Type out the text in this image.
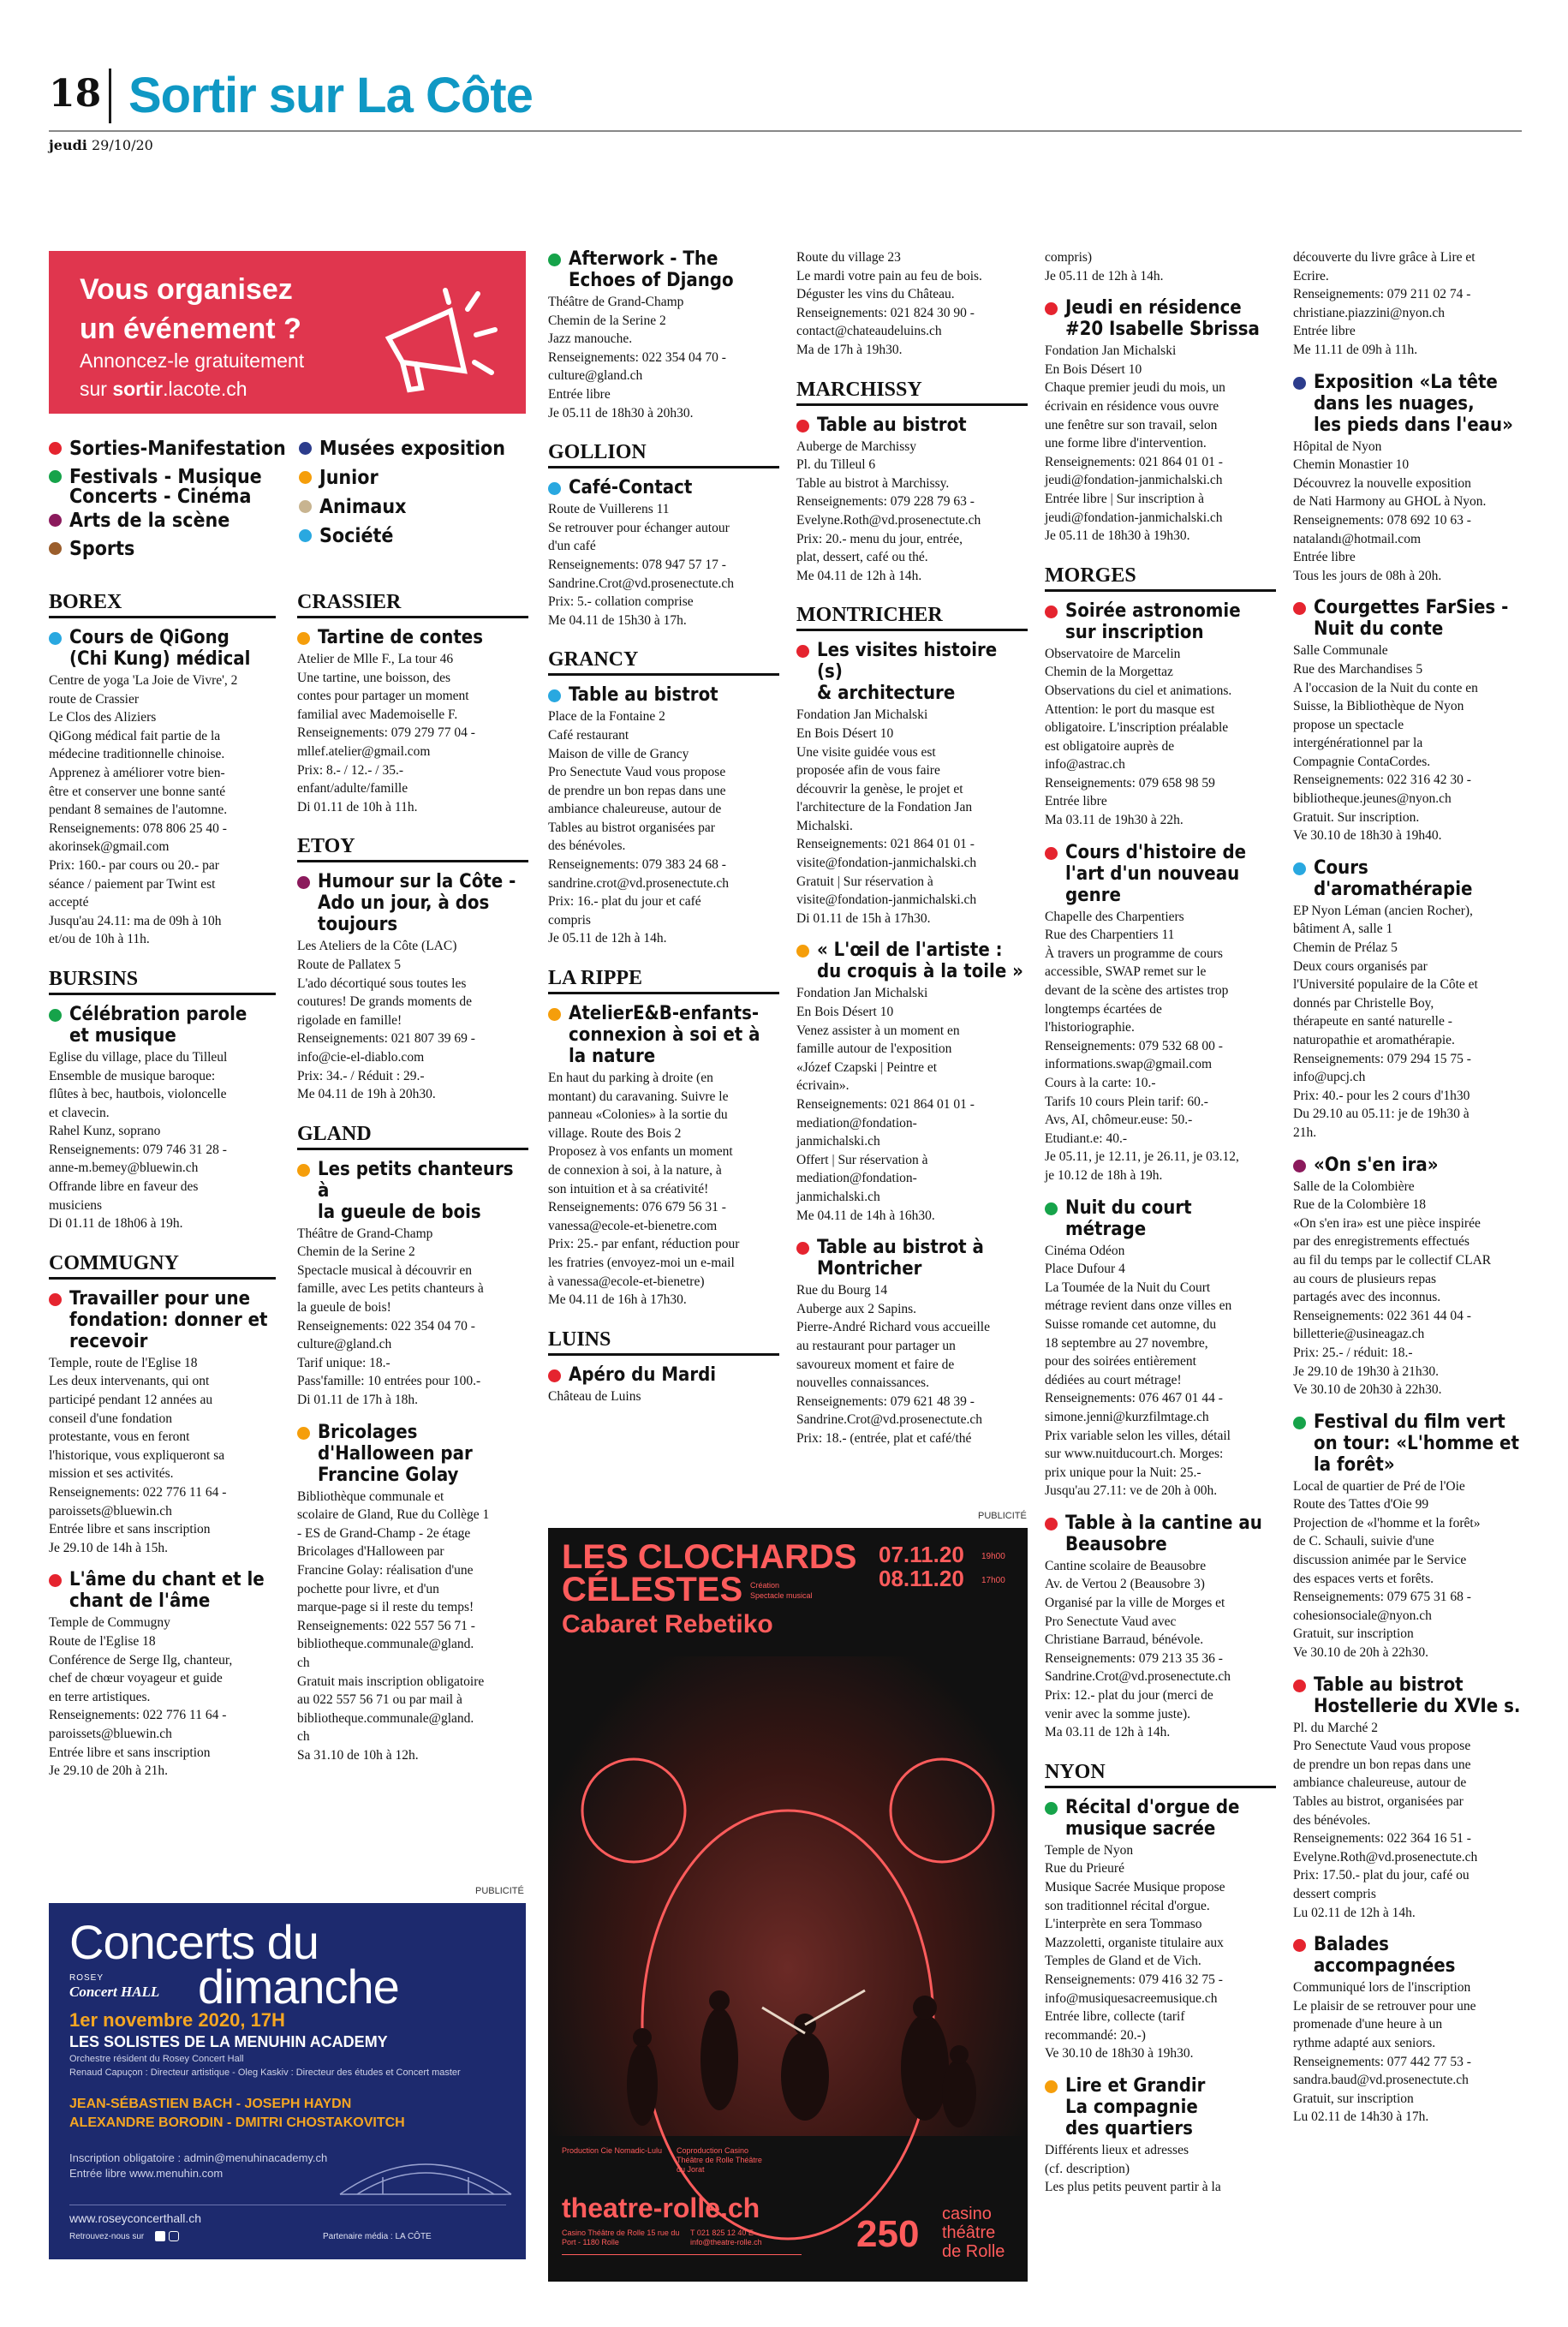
18 Sortir sur La Côte
jeudi 29/10/20
Vous organisez
un événement ?
Annoncez-le gratuitement
sur sortir.lacote.ch
Sorties-Manifestation
Festivals - Musique
Concerts - Cinéma
Arts de la scène
Sports
Musées exposition
Junior
Animaux
Société
BOREX
Cours de QiGong
(Chi Kung) médical
Centre de yoga 'La Joie de Vivre', 2
route de Crassier
Le Clos des Aliziers
QiGong médical fait partie de la
médecine traditionnelle chinoise.
Apprenez à améliorer votre bien-
être et conserver une bonne santé
pendant 8 semaines de l'automne.
Renseignements: 078 806 25 40 -
akorinsek@gmail.com
Prix: 160.- par cours ou 20.- par
séance / paiement par Twint est
accepté
Jusqu'au 24.11: ma de 09h à 10h
et/ou de 10h à 11h.
BURSINS
Célébration parole
et musique
Eglise du village, place du Tilleul
Ensemble de musique baroque:
flûtes à bec, hautbois, violoncelle
et clavecin.
Rahel Kunz, soprano
Renseignements: 079 746 31 28 -
anne-m.bemey@bluewin.ch
Offrande libre en faveur des
musiciens
Di 01.11 de 18h06 à 19h.
COMMUGNY
Travailler pour une
fondation: donner et
recevoir
Temple, route de l'Eglise 18
Les deux intervenants, qui ont
participé pendant 12 années au
conseil d'une fondation
protestante, vous en feront
l'historique, vous expliqueront sa
mission et ses activités.
Renseignements: 022 776 11 64 -
paroissets@bluewin.ch
Entrée libre et sans inscription
Je 29.10 de 14h à 15h.
L'âme du chant et le
chant de l'âme
Temple de Commugny
Route de l'Eglise 18
Conférence de Serge Ilg, chanteur,
chef de chœur voyageur et guide
en terre artistiques.
Renseignements: 022 776 11 64 -
paroissets@bluewin.ch
Entrée libre et sans inscription
Je 29.10 de 20h à 21h.
CRASSIER
Tartine de contes
Atelier de Mlle F., La tour 46
Une tartine, une boisson, des
contes pour partager un moment
familial avec Mademoiselle F.
Renseignements: 079 279 77 04 -
mllef.atelier@gmail.com
Prix: 8.- / 12.- / 35.-
enfant/adulte/famille
Di 01.11 de 10h à 11h.
ETOY
Humour sur la Côte -
Ado un jour, à dos
toujours
Les Ateliers de la Côte (LAC)
Route de Pallatex 5
L'ado décortiqué sous toutes les
coutures! De grands moments de
rigolade en famille!
Renseignements: 021 807 39 69 -
info@cie-el-diablo.com
Prix: 34.- / Réduit : 29.-
Me 04.11 de 19h à 20h30.
GLAND
Les petits chanteurs à
la gueule de bois
Théâtre de Grand-Champ
Chemin de la Serine 2
Spectacle musical à découvrir en
famille, avec Les petits chanteurs à
la gueule de bois!
Renseignements: 022 354 04 70 -
culture@gland.ch
Tarif unique: 18.-
Pass'famille: 10 entrées pour 100.-
Di 01.11 de 17h à 18h.
Bricolages
d'Halloween par
Francine Golay
Bibliothèque communale et
scolaire de Gland, Rue du Collège 1
- ES de Grand-Champ - 2e étage
Bricolages d'Halloween par
Francine Golay: réalisation d'une
pochette pour livre, et d'un
marque-page si il reste du temps!
Renseignements: 022 557 56 71 -
bibliotheque.communale@gland.
ch
Gratuit mais inscription obligatoire
au 022 557 56 71 ou par mail à
bibliotheque.communale@gland.
ch
Sa 31.10 de 10h à 12h.
Afterwork - The
Echoes of Django
Théâtre de Grand-Champ
Chemin de la Serine 2
Jazz manouche.
Renseignements: 022 354 04 70 -
culture@gland.ch
Entrée libre
Je 05.11 de 18h30 à 20h30.
GOLLION
Café-Contact
Route de Vuillerens 11
Se retrouver pour échanger autour
d'un café
Renseignements: 078 947 57 17 -
Sandrine.Crot@vd.prosenectute.ch
Prix: 5.- collation comprise
Me 04.11 de 15h30 à 17h.
GRANCY
Table au bistrot
Place de la Fontaine 2
Café restaurant
Maison de ville de Grancy
Pro Senectute Vaud vous propose
de prendre un bon repas dans une
ambiance chaleureuse, autour de
Tables au bistrot organisées par
des bénévoles.
Renseignements: 079 383 24 68 -
sandrine.crot@vd.prosenectute.ch
Prix: 16.- plat du jour et café
compris
Je 05.11 de 12h à 14h.
LA RIPPE
AtelierE&B-enfants-
connexion à soi et à
la nature
En haut du parking à droite (en
montant) du caravaning. Suivre le
panneau «Colonies» à la sortie du
village. Route des Bois 2
Proposez à vos enfants un moment
de connexion à soi, à la nature, à
son intuition et à sa créativité!
Renseignements: 076 679 56 31 -
vanessa@ecole-et-bienetre.com
Prix: 25.- par enfant, réduction pour
les fratries (envoyez-moi un e-mail
à vanessa@ecole-et-bienetre)
Me 04.11 de 16h à 17h30.
LUINS
Apéro du Mardi
Château de Luins
Route du village 23
Le mardi votre pain au feu de bois.
Déguster les vins du Château.
Renseignements: 021 824 30 90 -
contact@chateaudeluins.ch
Ma de 17h à 19h30.
MARCHISSY
Table au bistrot
Auberge de Marchissy
Pl. du Tilleul 6
Table au bistrot à Marchissy.
Renseignements: 079 228 79 63 -
Evelyne.Roth@vd.prosenectute.ch
Prix: 20.- menu du jour, entrée,
plat, dessert, café ou thé.
Me 04.11 de 12h à 14h.
MONTRICHER
Les visites histoire (s)
& architecture
Fondation Jan Michalski
En Bois Désert 10
Une visite guidée vous est
proposée afin de vous faire
découvrir la genèse, le projet et
l'architecture de la Fondation Jan
Michalski.
Renseignements: 021 864 01 01 -
visite@fondation-janmichalski.ch
Gratuit | Sur réservation à
visite@fondation-janmichalski.ch
Di 01.11 de 15h à 17h30.
« L'œil de l'artiste :
du croquis à la toile »
Fondation Jan Michalski
En Bois Désert 10
Venez assister à un moment en
famille autour de l'exposition
«Józef Czapski | Peintre et
écrivain».
Renseignements: 021 864 01 01 -
mediation@fondation-
janmichalski.ch
Offert | Sur réservation à
mediation@fondation-
janmichalski.ch
Me 04.11 de 14h à 16h30.
Table au bistrot à
Montricher
Rue du Bourg 14
Auberge aux 2 Sapins.
Pierre-André Richard vous accueille
au restaurant pour partager un
savoureux moment et faire de
nouvelles connaissances.
Renseignements: 079 621 48 39 -
Sandrine.Crot@vd.prosenectute.ch
Prix: 18.- (entrée, plat et café/thé
compris)
Je 05.11 de 12h à 14h.
Jeudi en résidence
#20 Isabelle Sbrissa
Fondation Jan Michalski
En Bois Désert 10
Chaque premier jeudi du mois, un
écrivain en résidence vous ouvre
une fenêtre sur son travail, selon
une forme libre d'intervention.
Renseignements: 021 864 01 01 -
jeudi@fondation-janmichalski.ch
Entrée libre | Sur inscription à
jeudi@fondation-janmichalski.ch
Je 05.11 de 18h30 à 19h30.
MORGES
Soirée astronomie
sur inscription
Observatoire de Marcelin
Chemin de la Morgettaz
Observations du ciel et animations.
Attention: le port du masque est
obligatoire. L'inscription préalable
est obligatoire auprès de
info@astrac.ch
Renseignements: 079 658 98 59
Entrée libre
Ma 03.11 de 19h30 à 22h.
Cours d'histoire de
l'art d'un nouveau
genre
Chapelle des Charpentiers
Rue des Charpentiers 11
À travers un programme de cours
accessible, SWAP remet sur le
devant de la scène des artistes trop
longtemps écartées de
l'historiographie.
Renseignements: 079 532 68 00 -
informations.swap@gmail.com
Cours à la carte: 10.-
Tarifs 10 cours Plein tarif: 60.-
Avs, AI, chômeur.euse: 50.-
Etudiant.e: 40.-
Je 05.11, je 12.11, je 26.11, je 03.12,
je 10.12 de 18h à 19h.
Nuit du court métrage
Cinéma Odéon
Place Dufour 4
La Toumée de la Nuit du Court
métrage revient dans onze villes en
Suisse romande cet automne, du
18 septembre au 27 novembre,
pour des soirées entièrement
dédiées au court métrage!
Renseignements: 076 467 01 44 -
simone.jenni@kurzfilmtage.ch
Prix variable selon les villes, détail
sur www.nuitducourt.ch. Morges:
prix unique pour la Nuit: 25.-
Jusqu'au 27.11: ve de 20h à 00h.
Table à la cantine au
Beausobre
Cantine scolaire de Beausobre
Av. de Vertou 2 (Beausobre 3)
Organisé par la ville de Morges et
Pro Senectute Vaud avec
Christiane Barraud, bénévole.
Renseignements: 079 213 35 36 -
Sandrine.Crot@vd.prosenectute.ch
Prix: 12.- plat du jour (merci de
venir avec la somme juste).
Ma 03.11 de 12h à 14h.
NYON
Récital d'orgue de
musique sacrée
Temple de Nyon
Rue du Prieuré
Musique Sacrée Musique propose
son traditionnel récital d'orgue.
L'interprète en sera Tommaso
Mazzoletti, organiste titulaire aux
Temples de Gland et de Vich.
Renseignements: 079 416 32 75 -
info@musiquesacreemusique.ch
Entrée libre, collecte (tarif
recommandé: 20.-)
Ve 30.10 de 18h30 à 19h30.
Lire et Grandir
La compagnie
des quartiers
Différents lieux et adresses
(cf. description)
Les plus petits peuvent partir à la
découverte du livre grâce à Lire et
Ecrire.
Renseignements: 079 211 02 74 -
christiane.piazzini@nyon.ch
Entrée libre
Me 11.11 de 09h à 11h.
Exposition «La tête
dans les nuages,
les pieds dans l'eau»
Hôpital de Nyon
Chemin Monastier 10
Découvrez la nouvelle exposition
de Nati Harmony au GHOL à Nyon.
Renseignements: 078 692 10 63 -
natalandı@hotmail.com
Entrée libre
Tous les jours de 08h à 20h.
Courgettes FarSies -
Nuit du conte
Salle Communale
Rue des Marchandises 5
A l'occasion de la Nuit du conte en
Suisse, la Bibliothèque de Nyon
propose un spectacle
intergénérationnel par la
Compagnie ContaCordes.
Renseignements: 022 316 42 30 -
bibliotheque.jeunes@nyon.ch
Gratuit. Sur inscription.
Ve 30.10 de 18h30 à 19h40.
Cours
d'aromathérapie
EP Nyon Léman (ancien Rocher),
bâtiment A, salle 1
Chemin de Prélaz 5
Deux cours organisés par
l'Université populaire de la Côte et
donnés par Christelle Boy,
thérapeute en santé naturelle -
naturopathie et aromathérapie.
Renseignements: 079 294 15 75 -
info@upcj.ch
Prix: 40.- pour les 2 cours d'1h30
Du 29.10 au 05.11: je de 19h30 à
21h.
«On s'en ira»
Salle de la Colombière
Rue de la Colombière 18
«On s'en ira» est une pièce inspirée
par des enregistrements effectués
au fil du temps par le collectif CLAR
au cours de plusieurs repas
partagés avec des inconnus.
Renseignements: 022 361 44 04 -
billetterie@usineagaz.ch
Prix: 25.- / réduit: 18.-
Je 29.10 de 19h30 à 21h30.
Ve 30.10 de 20h30 à 22h30.
Festival du film vert
on tour: «L'homme et
la forêt»
Local de quartier de Pré de l'Oie
Route des Tattes d'Oie 99
Projection de «l'homme et la forêt»
de C. Schauli, suivie d'une
discussion animée par le Service
des espaces verts et forêts.
Renseignements: 079 675 31 68 -
cohesionsociale@nyon.ch
Gratuit, sur inscription
Ve 30.10 de 20h à 22h30.
Table au bistrot
Hostellerie du XVIe s.
Pl. du Marché 2
Pro Senectute Vaud vous propose
de prendre un bon repas dans une
ambiance chaleureuse, autour de
Tables au bistrot, organisées par
des bénévoles.
Renseignements: 022 364 16 51 -
Evelyne.Roth@vd.prosenectute.ch
Prix: 17.50.- plat du jour, café ou
dessert compris
Lu 02.11 de 12h à 14h.
Balades
accompagnées
Communiqué lors de l'inscription
Le plaisir de se retrouver pour une
promenade d'une heure à un
rythme adapté aux seniors.
Renseignements: 077 442 77 53 -
sandra.baud@vd.prosenectute.ch
Gratuit, sur inscription
Lu 02.11 de 14h30 à 17h.
PUBLICITÉ
PUBLICITÉ
Concerts du
dimanche
ROSEY
Concert HALL
1er novembre 2020, 17H
LES SOLISTES DE LA MENUHIN ACADEMY
Orchestre résident du Rosey Concert Hall
Renaud Capuçon : Directeur artistique - Oleg Kaskiv : Directeur des études et Concert master
JEAN-SÉBASTIEN BACH - JOSEPH HAYDN
ALEXANDRE BORODIN - DMITRI CHOSTAKOVITCH
Inscription obligatoire : admin@menuhinacademy.ch
Entrée libre www.menuhin.com
www.roseyconcerthall.ch
Retrouvez-nous sur	Partenaire média : LA CÔTE
LES CLOCHARDS
CÉLESTES Création
Spectacle musical
Cabaret Rebetiko
07.11.20 19h00
08.11.20 17h00
Production Cie Nomadic-Lulu	Coproduction Casino Théâtre de Rolle Théâtre du Jorat
theatre-rolle.ch
Casino Théâtre de Rolle 15 rue du Port - 1180 Rolle
T 021 825 12 40 E info@theatre-rolle.ch	250 casino
théâtre
de Rolle
